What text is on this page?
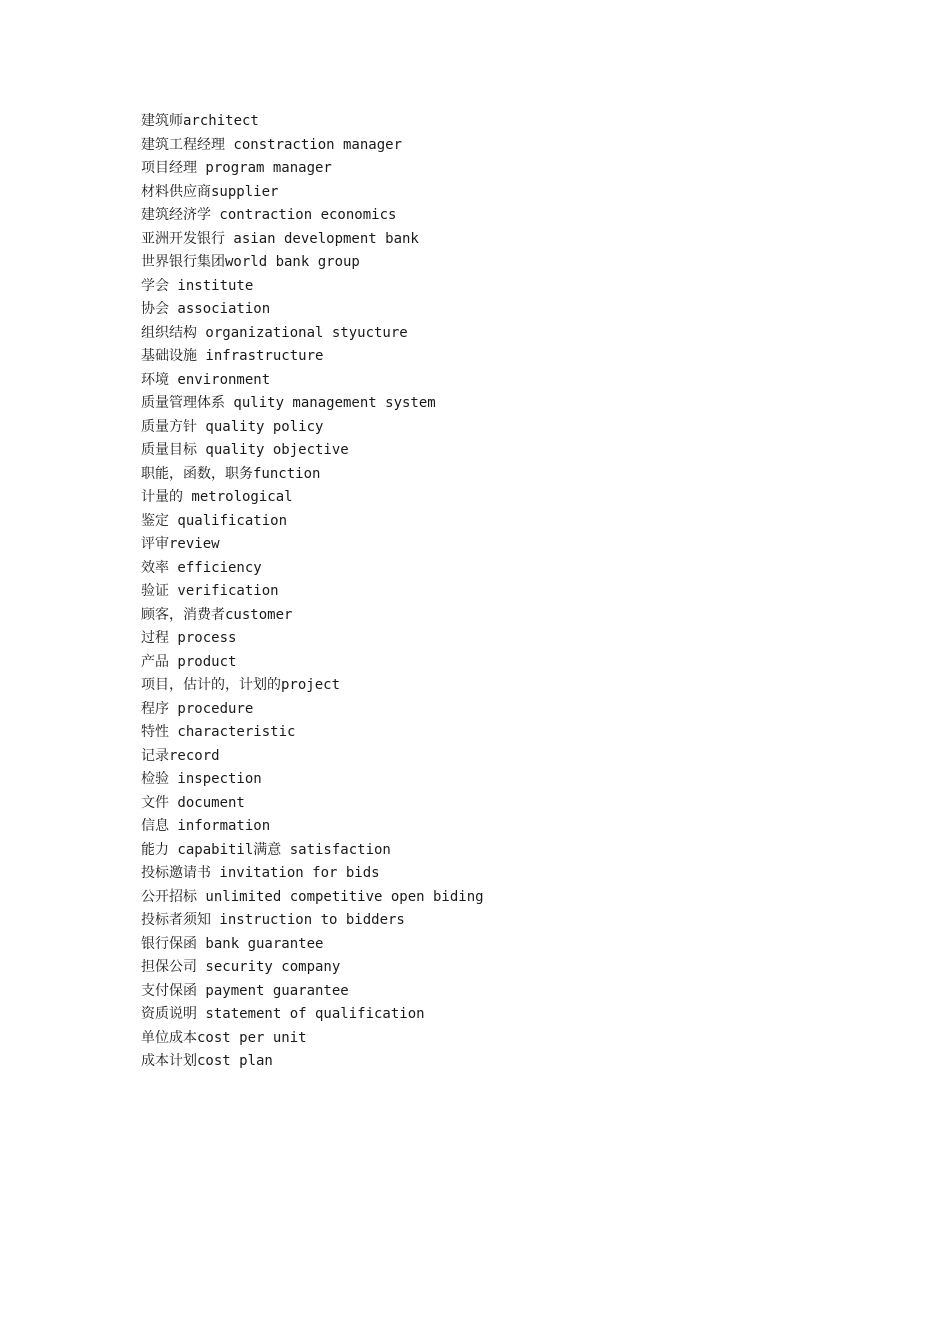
建筑师architect
建筑工程经理 constraction manager
项目经理 program manager
材料供应商supplier
建筑经济学 contraction economics
亚洲开发银行 asian development bank
世界银行集团world bank group
学会 institute
协会 association
组织结构 organizational styucture
基础设施 infrastructure
环境 environment
质量管理体系 qulity management system
质量方针 quality policy
质量目标 quality objective
职能，函数，职务function
计量的 metrological
鉴定 qualification
评审review
效率 efficiency
验证 verification
顾客，消费者customer
过程 process
产品 product
项目，估计的，计划的project
程序 procedure
特性 characteristic
记录record
检验 inspection
文件 document
信息 information
能力 capabitil满意 satisfaction
投标邀请书 invitation for bids
公开招标 unlimited competitive open biding
投标者须知 instruction to bidders
银行保函 bank guarantee
担保公司 security company
支付保函 payment guarantee
资质说明 statement of qualification
单位成本cost per unit
成本计划cost plan
